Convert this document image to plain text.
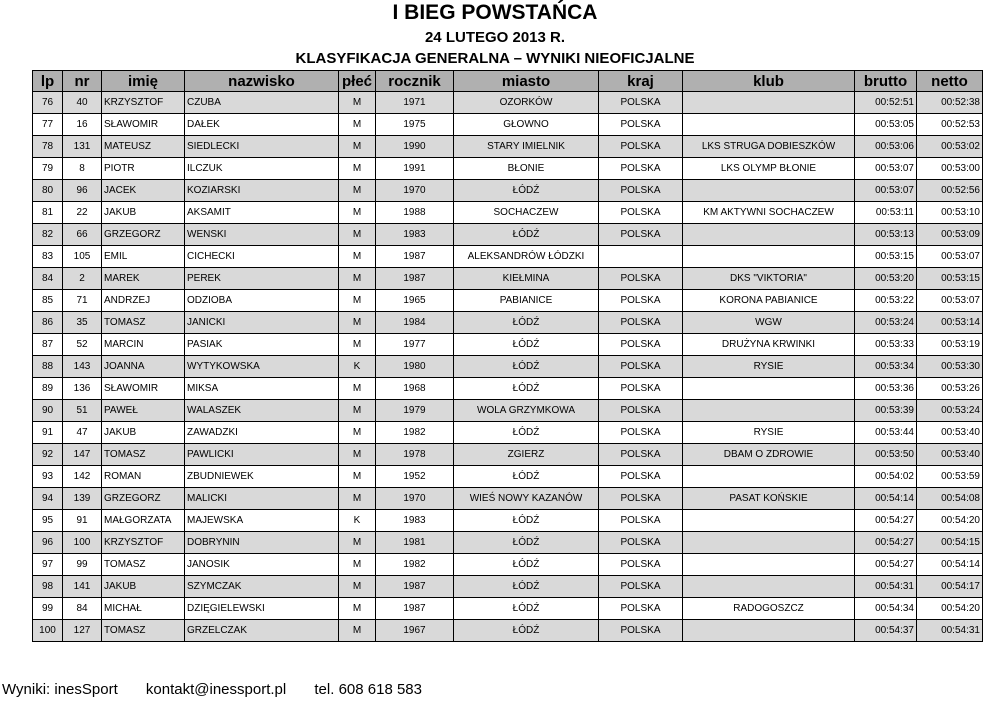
I BIEG POWSTAŃCA
24 LUTEGO 2013 R.
KLASYFIKACJA GENERALNA – WYNIKI NIEOFICJALNE
lp	nr	imię	nazwisko	płeć	rocznik	miasto	kraj	klub	brutto	netto
76	40	KRZYSZTOF	CZUBA	M	1971	OZORKÓW	POLSKA		00:52:51	00:52:38
77	16	SŁAWOMIR	DAŁEK	M	1975	GŁOWNO	POLSKA		00:53:05	00:52:53
78	131	MATEUSZ	SIEDLECKI	M	1990	STARY IMIELNIK	POLSKA	LKS STRUGA DOBIESZKÓW	00:53:06	00:53:02
79	8	PIOTR	ILCZUK	M	1991	BŁONIE	POLSKA	LKS OLYMP BŁONIE	00:53:07	00:53:00
80	96	JACEK	KOZIARSKI	M	1970	ŁÓDŹ	POLSKA		00:53:07	00:52:56
81	22	JAKUB	AKSAMIT	M	1988	SOCHACZEW	POLSKA	KM AKTYWNI SOCHACZEW	00:53:11	00:53:10
82	66	GRZEGORZ	WENSKI	M	1983	ŁÓDŹ	POLSKA		00:53:13	00:53:09
83	105	EMIL	CICHECKI	M	1987	ALEKSANDRÓW ŁÓDZKI			00:53:15	00:53:07
84	2	MAREK	PEREK	M	1987	KIEŁMINA	POLSKA	DKS "VIKTORIA"	00:53:20	00:53:15
85	71	ANDRZEJ	ODZIOBA	M	1965	PABIANICE	POLSKA	KORONA PABIANICE	00:53:22	00:53:07
86	35	TOMASZ	JANICKI	M	1984	ŁÓDŹ	POLSKA	WGW	00:53:24	00:53:14
87	52	MARCIN	PASIAK	M	1977	ŁÓDŹ	POLSKA	DRUŻYNA KRWINKI	00:53:33	00:53:19
88	143	JOANNA	WYTYKOWSKA	K	1980	ŁÓDŹ	POLSKA	RYSIE	00:53:34	00:53:30
89	136	SŁAWOMIR	MIKSA	M	1968	ŁÓDŹ	POLSKA		00:53:36	00:53:26
90	51	PAWEŁ	WALASZEK	M	1979	WOLA GRZYMKOWA	POLSKA		00:53:39	00:53:24
91	47	JAKUB	ZAWADZKI	M	1982	ŁÓDŹ	POLSKA	RYSIE	00:53:44	00:53:40
92	147	TOMASZ	PAWLICKI	M	1978	ZGIERZ	POLSKA	DBAM O ZDROWIE	00:53:50	00:53:40
93	142	ROMAN	ZBUDNIEWEK	M	1952	ŁÓDŹ	POLSKA		00:54:02	00:53:59
94	139	GRZEGORZ	MALICKI	M	1970	WIEŚ NOWY KAZANÓW	POLSKA	PASAT KOŃSKIE	00:54:14	00:54:08
95	91	MAŁGORZATA	MAJEWSKA	K	1983	ŁÓDŹ	POLSKA		00:54:27	00:54:20
96	100	KRZYSZTOF	DOBRYNIN	M	1981	ŁÓDŹ	POLSKA		00:54:27	00:54:15
97	99	TOMASZ	JANOSIK	M	1982	ŁÓDŹ	POLSKA		00:54:27	00:54:14
98	141	JAKUB	SZYMCZAK	M	1987	ŁÓDŹ	POLSKA		00:54:31	00:54:17
99	84	MICHAŁ	DZIĘGIELEWSKI	M	1987	ŁÓDŹ	POLSKA	RADOGOSZCZ	00:54:34	00:54:20
100	127	TOMASZ	GRZELCZAK	M	1967	ŁÓDŹ	POLSKA		00:54:37	00:54:31
Wyniki: inesSport kontakt@inessport.pl tel. 608 618 583
